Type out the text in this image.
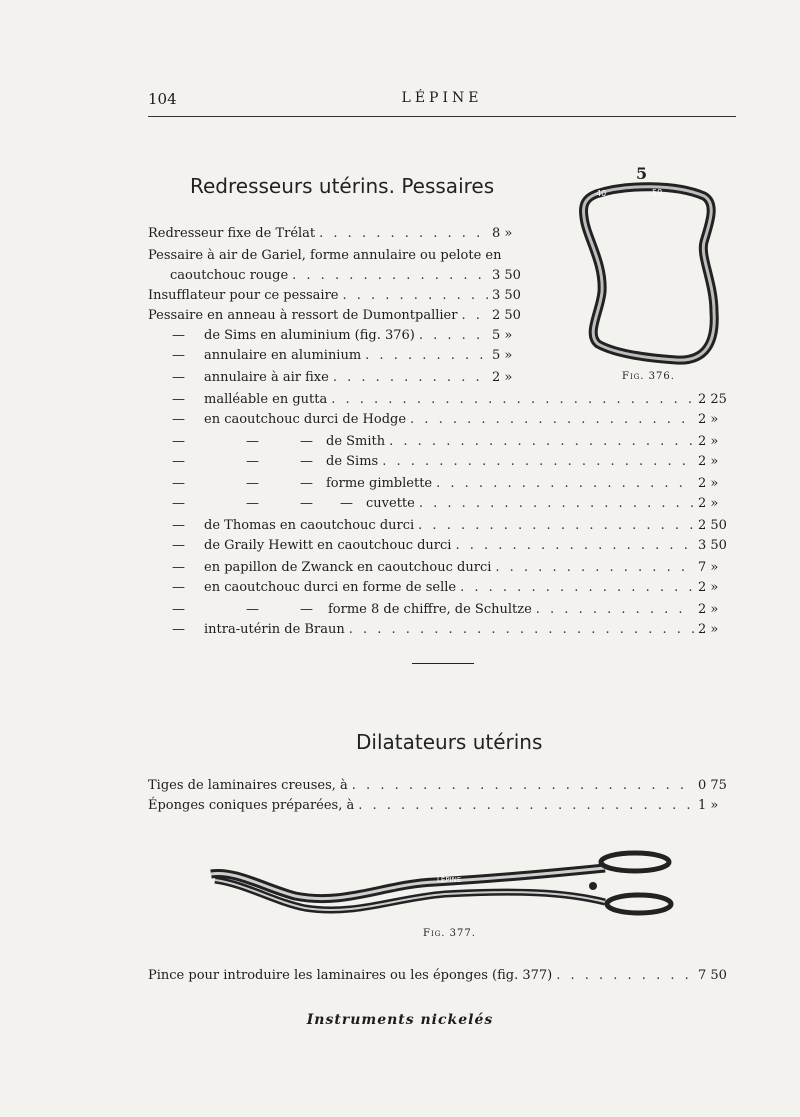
104	LÉPINE
Redresseurs utérins. Pessaires
5
40	50
Fig. 376.
Redresseur fixe de Trélat . . .	8 »
Pessaire à air de Gariel, forme annulaire ou pelote en
caoutchouc rouge . . .	3 50
Insufflateur pour ce pessaire . . .	3 50
Pessaire en anneau à ressort de Dumontpallier . . .	2 50
— de Sims en aluminium (fig. 376) . . .	5 »
— annulaire en aluminium . . .	5 »
— annulaire à air fixe . . .	2 »
— malléable en gutta . . .	2 25
— en caoutchouc durci de Hodge . . .	2 »
—	—	— de Smith . . .	2 »
—	—	— de Sims . . .	2 »
—	—	— forme gimblette . . .	2 »
—	—	— — cuvette . . .	2 »
— de Thomas en caoutchouc durci . . .	2 50
— de Graily Hewitt en caoutchouc durci . . .	3 50
— en papillon de Zwanck en caoutchouc durci . . .	7 »
— en caoutchouc durci en forme de selle . . .	2 »
—	—	— forme 8 de chiffre, de Schultze . . .	2 »
— intra-utérin de Braun . . .	2 »
Dilatateurs utérins
Tiges de laminaires creuses, à . . .	0 75
Éponges coniques préparées, à . . .	1 »
LÉPINE
Fig. 377.
Pince pour introduire les laminaires ou les éponges (fig. 377) . . .	7 50
Instruments nickelés
